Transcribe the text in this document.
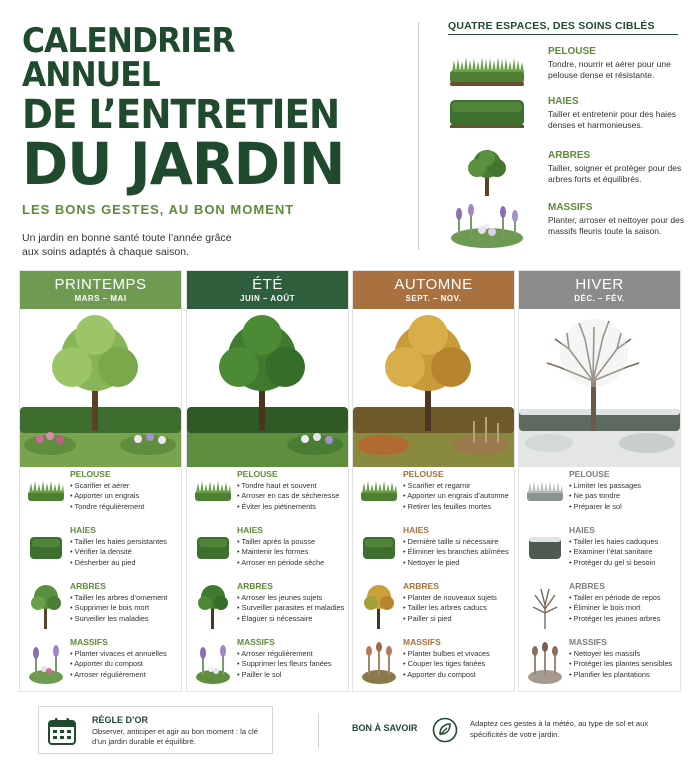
CALENDRIER ANNUEL
DE L’ENTRETIEN
DU JARDIN
LES BONS GESTES, AU BON MOMENT
Un jardin en bonne santé toute l’année grâce aux soins adaptés à chaque saison.
QUATRE ESPACES, DES SOINS CIBLÉS
PELOUSE
Tondre, nourrir et aérer pour une pelouse dense et résistante.
HAIES
Tailler et entretenir pour des haies denses et harmonieuses.
ARBRES
Tailler, soigner et protéger pour des arbres forts et équilibrés.
MASSIFS
Planter, arroser et nettoyer pour des massifs fleuris toute la saison.
PRINTEMPS
MARS – MAI
PELOUSE
• Scarifier et aérer
• Apporter un engrais
• Tondre régulièrement
HAIES
• Tailler les haies persistantes
• Vérifier la densité
• Désherber au pied
ARBRES
• Tailler les arbres d’ornement
• Supprimer le bois mort
• Surveiller les maladies
MASSIFS
• Planter vivaces et annuelles
• Apporter du compost
• Arroser régulièrement
ÉTÉ
JUIN – AOÛT
PELOUSE
• Tondre haut et souvent
• Arroser en cas de sécheresse
• Éviter les piétinements
HAIES
• Tailler après la pousse
• Maintenir les formes
• Arroser en période sèche
ARBRES
• Arroser les jeunes sujets
• Surveiller parasites et maladies
• Élaguer si nécessaire
MASSIFS
• Arroser régulièrement
• Supprimer les fleurs fanées
• Pailler le sol
AUTOMNE
SEPT. – NOV.
PELOUSE
• Scarifier et regarnir
• Apporter un engrais d’automne
• Retirer les feuilles mortes
HAIES
• Dernière taille si nécessaire
• Éliminer les branches abîmées
• Nettoyer le pied
ARBRES
• Planter de nouveaux sujets
• Tailler les arbres caducs
• Pailler si pied
MASSIFS
• Planter bulbes et vivaces
• Couper les tiges fanées
• Apporter du compost
HIVER
DÉC. – FÉV.
PELOUSE
• Limiter les passages
• Ne pas tondre
• Préparer le sol
HAIES
• Tailler les haies caduques
• Examiner l’état sanitaire
• Protéger du gel si besoin
ARBRES
• Tailler en période de repos
• Éliminer le bois mort
• Protéger les jeunes arbres
MASSIFS
• Nettoyer les massifs
• Protéger les plantes sensibles
• Planifier les plantations
RÈGLE D’OR
Observer, anticiper et agir au bon moment : la clé d’un jardin durable et équilibré.
BON À SAVOIR	Adaptez ces gestes à la météo, au type de sol et aux spécificités de votre jardin.
